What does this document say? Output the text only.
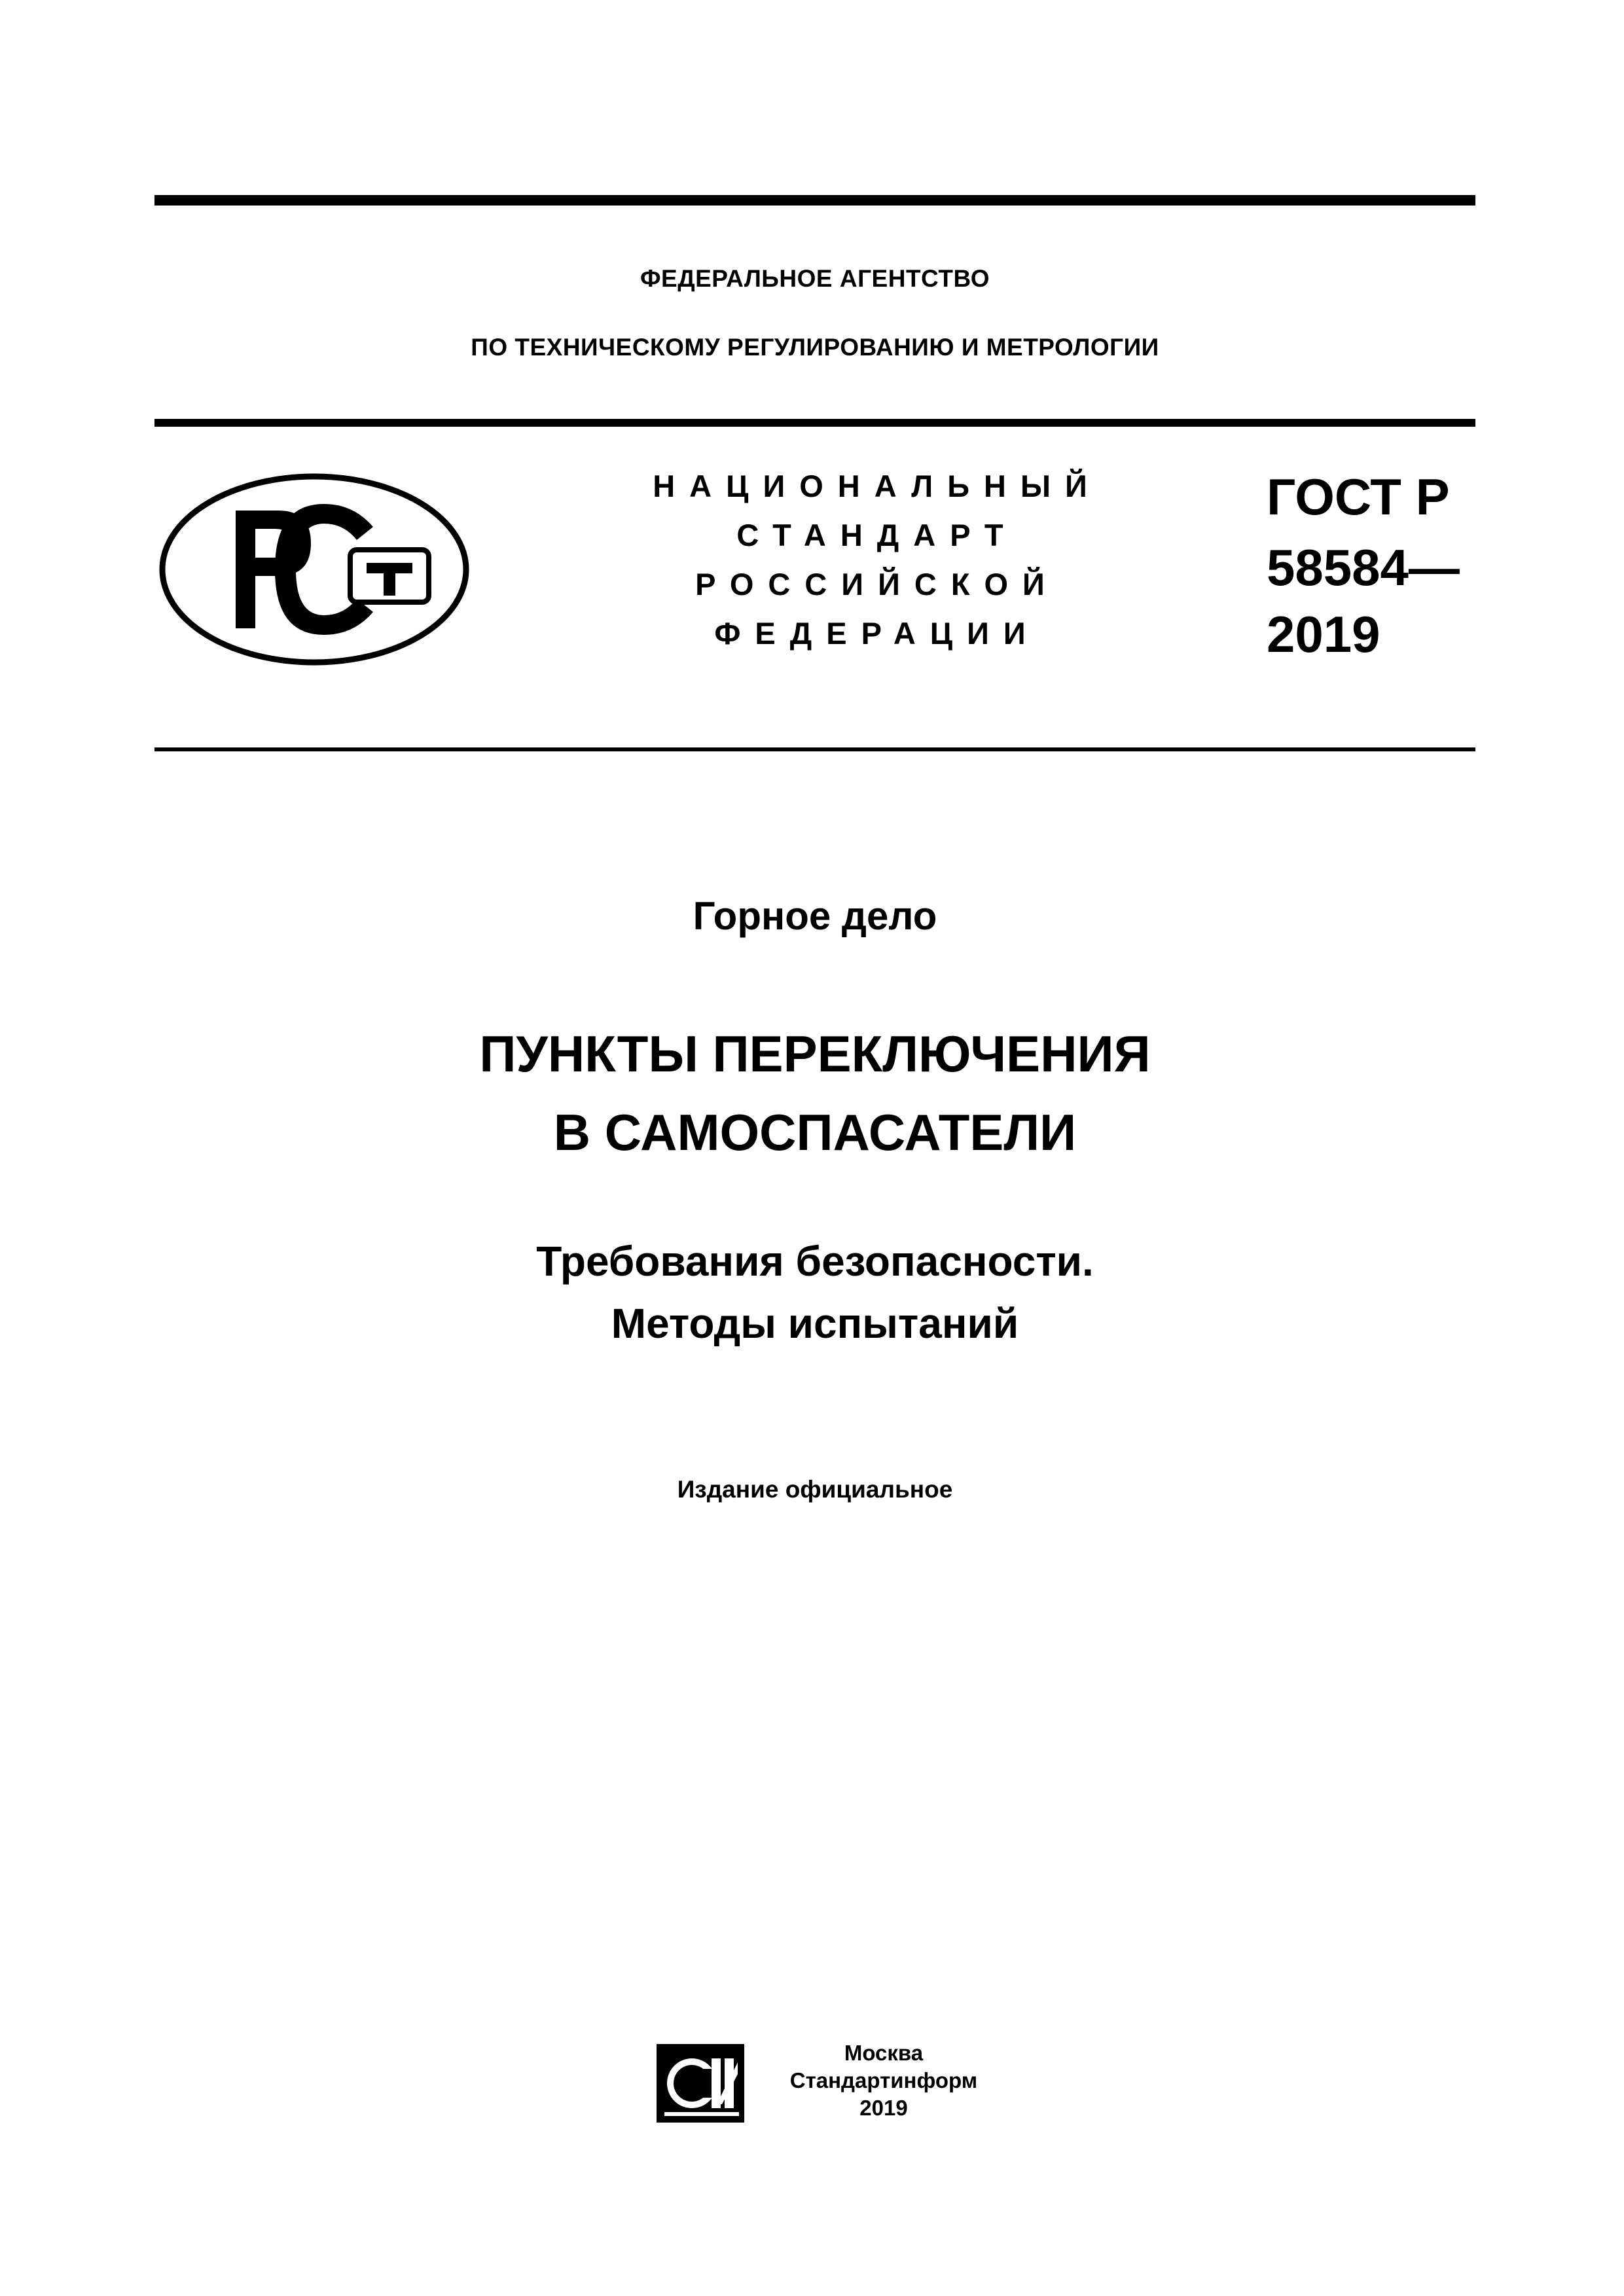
ФЕДЕРАЛЬНОЕ АГЕНТСТВО
ПО ТЕХНИЧЕСКОМУ РЕГУЛИРОВАНИЮ И МЕТРОЛОГИИ
НАЦИОНАЛЬНЫЙ
СТАНДАРТ
РОССИЙСКОЙ
ФЕДЕРАЦИИ
ГОСТ Р
58584—
2019
Горное дело
ПУНКТЫ ПЕРЕКЛЮЧЕНИЯ
В САМОСПАСАТЕЛИ
Требования безопасности.
Методы испытаний
Издание официальное
Москва
Стандартинформ
2019
